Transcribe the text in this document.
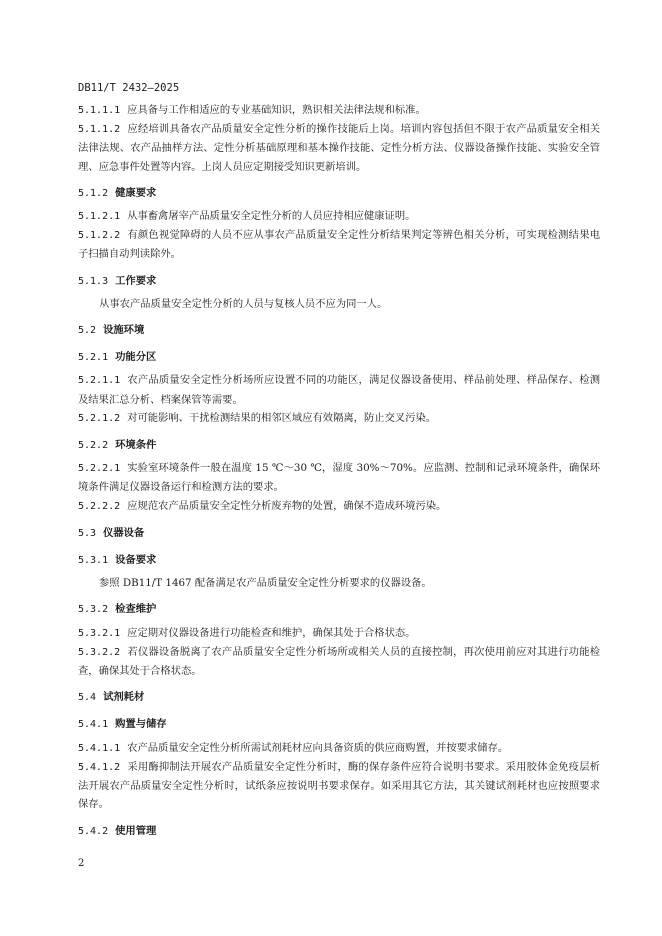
DB11/T 2432—2025

5.1.1.1 应具备与工作相适应的专业基础知识，熟识相关法律法规和标准。

5.1.1.2 应经培训具备农产品质量安全定性分析的操作技能后上岗。培训内容包括但不限于农产品质量安全相关法律法规、农产品抽样方法、定性分析基础原理和基本操作技能、定性分析方法、仪器设备操作技能、实验安全管理、应急事件处置等内容。上岗人员应定期接受知识更新培训。

5.1.2 健康要求

5.1.2.1 从事畜禽屠宰产品质量安全定性分析的人员应持相应健康证明。

5.1.2.2 有颜色视觉障碍的人员不应从事农产品质量安全定性分析结果判定等辨色相关分析，可实现检测结果电子扫描自动判读除外。

5.1.3 工作要求

从事农产品质量安全定性分析的人员与复核人员不应为同一人。

5.2 设施环境
5.2.1 功能分区

5.2.1.1 农产品质量安全定性分析场所应设置不同的功能区，满足仪器设备使用、样品前处理、样品保存、检测及结果汇总分析、档案保管等需要。

5.2.1.2 对可能影响、干扰检测结果的相邻区域应有效隔离，防止交叉污染。

5.2.2 环境条件

5.2.2.1 实验室环境条件一般在温度 15 ℃～30 ℃，湿度 30%～70%。应监测、控制和记录环境条件，确保环境条件满足仪器设备运行和检测方法的要求。

5.2.2.2 应规范农产品质量安全定性分析废弃物的处置，确保不造成环境污染。

5.3 仪器设备
5.3.1 设备要求

参照 DB11/T 1467 配备满足农产品质量安全定性分析要求的仪器设备。

5.3.2 检查维护

5.3.2.1 应定期对仪器设备进行功能检查和维护，确保其处于合格状态。

5.3.2.2 若仪器设备脱离了农产品质量安全定性分析场所或相关人员的直接控制，再次使用前应对其进行功能检查，确保其处于合格状态。

5.4 试剂耗材
5.4.1 购置与储存

5.4.1.1 农产品质量安全定性分析所需试剂耗材应向具备资质的供应商购置，并按要求储存。

5.4.1.2 采用酶抑制法开展农产品质量安全定性分析时，酶的保存条件应符合说明书要求。采用胶体金免疫层析法开展农产品质量安全定性分析时，试纸条应按说明书要求保存。如采用其它方法，其关键试剂耗材也应按照要求保存。

5.4.2 使用管理
2
